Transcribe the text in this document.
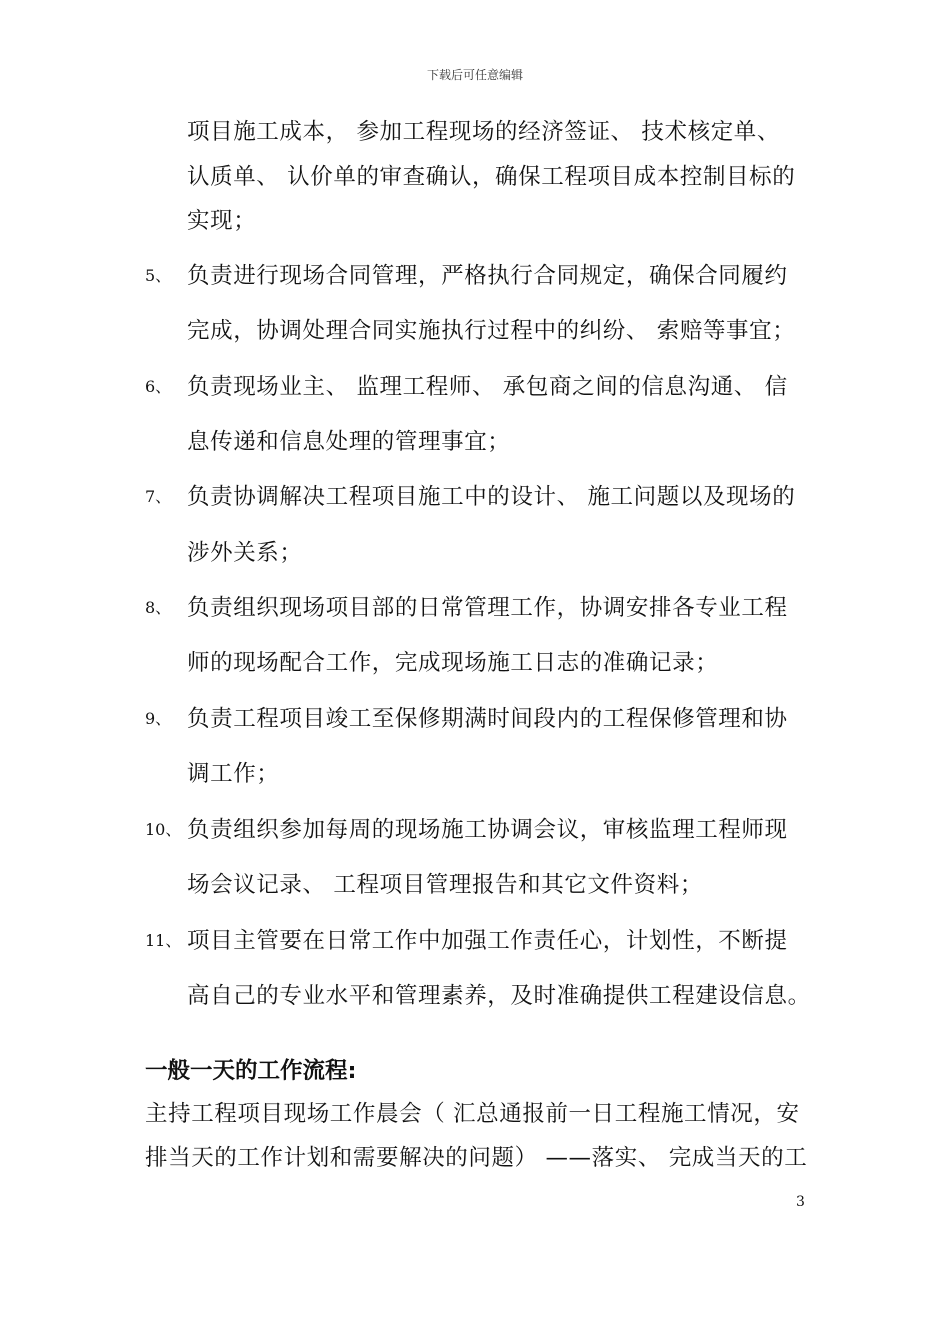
下载后可任意编辑
项目施工成本， 参加工程现场的经济签证、 技术核定单、
认质单、 认价单的审查确认，确保工程项目成本控制目标的
实现；
5、 负责进行现场合同管理，严格执行合同规定，确保合同履约
完成，协调处理合同实施执行过程中的纠纷、 索赔等事宜；
6、 负责现场业主、 监理工程师、 承包商之间的信息沟通、 信
息传递和信息处理的管理事宜；
7、 负责协调解决工程项目施工中的设计、 施工问题以及现场的
涉外关系；
8、 负责组织现场项目部的日常管理工作，协调安排各专业工程
师的现场配合工作，完成现场施工日志的准确记录；
9、 负责工程项目竣工至保修期满时间段内的工程保修管理和协
调工作；
10、 负责组织参加每周的现场施工协调会议，审核监理工程师现
场会议记录、 工程项目管理报告和其它文件资料；
11、 项目主管要在日常工作中加强工作责任心，计划性，不断提
高自己的专业水平和管理素养，及时准确提供工程建设信息。
一般一天的工作流程:
主持工程项目现场工作晨会（ 汇总通报前一日工程施工情况，安
排当天的工作计划和需要解决的问题） ——落实、 完成当天的工
3
